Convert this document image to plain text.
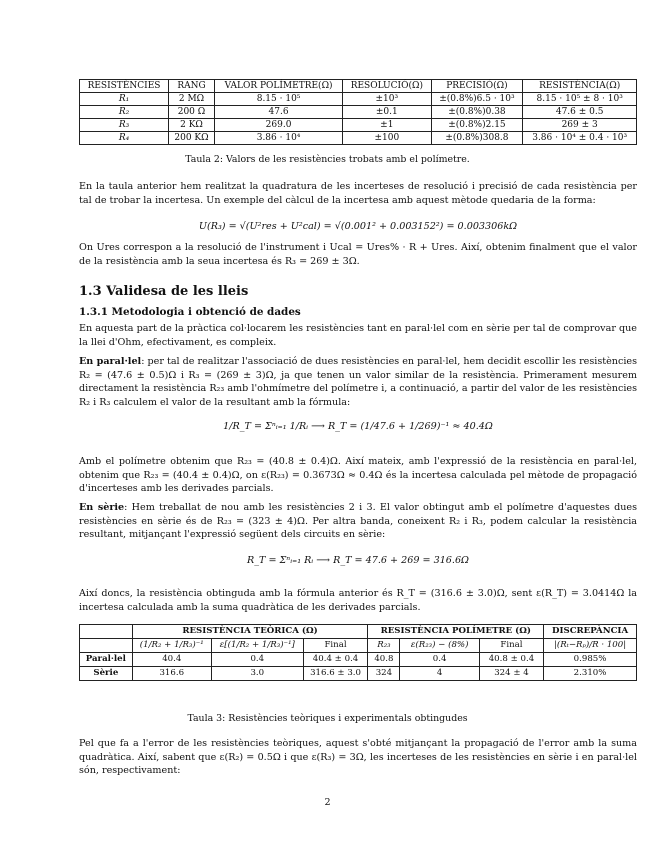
RESISTÈNCIES	RANG	VALOR POLÍMETRE(Ω)	RESOLUCIÓ(Ω)	PRECISIÓ(Ω)	RESISTÈNCIA(Ω)
R₁	2 MΩ	8.15 · 10⁵	±10³	±(0.8%)6.5 · 10³	8.15 · 10⁵ ± 8 · 10³
R₂	200 Ω	47.6	±0.1	±(0.8%)0.38	47.6 ± 0.5
R₃	2 KΩ	269.0	±1	±(0.8%)2.15	269 ± 3
R₄	200 KΩ	3.86 · 10⁴	±100	±(0.8%)308.8	3.86 · 10⁴ ± 0.4 · 10³
Taula 2: Valors de les resistències trobats amb el polímetre.
En la taula anterior hem realitzat la quadratura de les incerteses de resolució i precisió de cada resistència per tal de trobar la incertesa. Un exemple del càlcul de la incertesa amb aquest mètode quedaria de la forma:
U(R₃) = √(U²res + U²cal) = √(0.001² + 0.003152²) = 0.003306kΩ
On Ures correspon a la resolució de l'instrument i Ucal = Ures% · R + Ures. Així, obtenim finalment que el valor de la resistència amb la seua incertesa és R₃ = 269 ± 3Ω.
1.3 Validesa de les lleis
1.3.1 Metodologia i obtenció de dades
En aquesta part de la pràctica col·locarem les resistències tant en paral·lel com en sèrie per tal de comprovar que la llei d'Ohm, efectivament, es compleix.
En paral·lel: per tal de realitzar l'associació de dues resistències en paral·lel, hem decidit escollir les resistències R₂ = (47.6 ± 0.5)Ω i R₃ = (269 ± 3)Ω, ja que tenen un valor similar de la resistència. Primerament mesurem directament la resistència R₂₃ amb l'ohmímetre del polímetre i, a continuació, a partir del valor de les resistències R₂ i R₃ calculem el valor de la resultant amb la fórmula:
1/R_T = Σⁿᵢ₌₁ 1/Rᵢ ⟶ R_T = (1/47.6 + 1/269)⁻¹ ≈ 40.4Ω
Amb el polímetre obtenim que R₂₃ = (40.8 ± 0.4)Ω. Així mateix, amb l'expressió de la resistència en paral·lel, obtenim que R₂₃ = (40.4 ± 0.4)Ω, on ε(R₂₃) = 0.3673Ω ≈ 0.4Ω és la incertesa calculada pel mètode de propagació d'incerteses amb les derivades parcials.
En sèrie: Hem treballat de nou amb les resistències 2 i 3. El valor obtingut amb el polímetre d'aquestes dues resistències en sèrie és de R₂₃ = (323 ± 4)Ω. Per altra banda, coneixent R₂ i R₃, podem calcular la resistència resultant, mitjançant l'expressió següent dels circuits en sèrie:
R_T = Σⁿᵢ₌₁ Rᵢ ⟶ R_T = 47.6 + 269 = 316.6Ω
Així doncs, la resistència obtinguda amb la fórmula anterior és R_T = (316.6 ± 3.0)Ω, sent ε(R_T) = 3.0414Ω la incertesa calculada amb la suma quadràtica de les derivades parcials.
	RESISTÈNCIA TEÒRICA (Ω)			RESISTÈNCIA POLÍMETRE (Ω)			DISCREPÀNCIA
	(1/R₂ + 1/R₃)⁻¹	ε[(1/R₂ + 1/R₃)⁻¹]	Final	R₂₃	ε(R₂₃) − (8%)	Final	|(Rₜ−Rₚ)/R · 100|
Paral·lel	40.4	0.4	40.4 ± 0.4	40.8	0.4	40.8 ± 0.4	0.985%
Sèrie	316.6	3.0	316.6 ± 3.0	324	4	324 ± 4	2.310%
Taula 3: Resistències teòriques i experimentals obtingudes
Pel que fa a l'error de les resistències teòriques, aquest s'obté mitjançant la propagació de l'error amb la suma quadràtica. Així, sabent que ε(R₂) = 0.5Ω i que ε(R₃) = 3Ω, les incerteses de les resistències en sèrie i en paral·lel són, respectivament:
2
